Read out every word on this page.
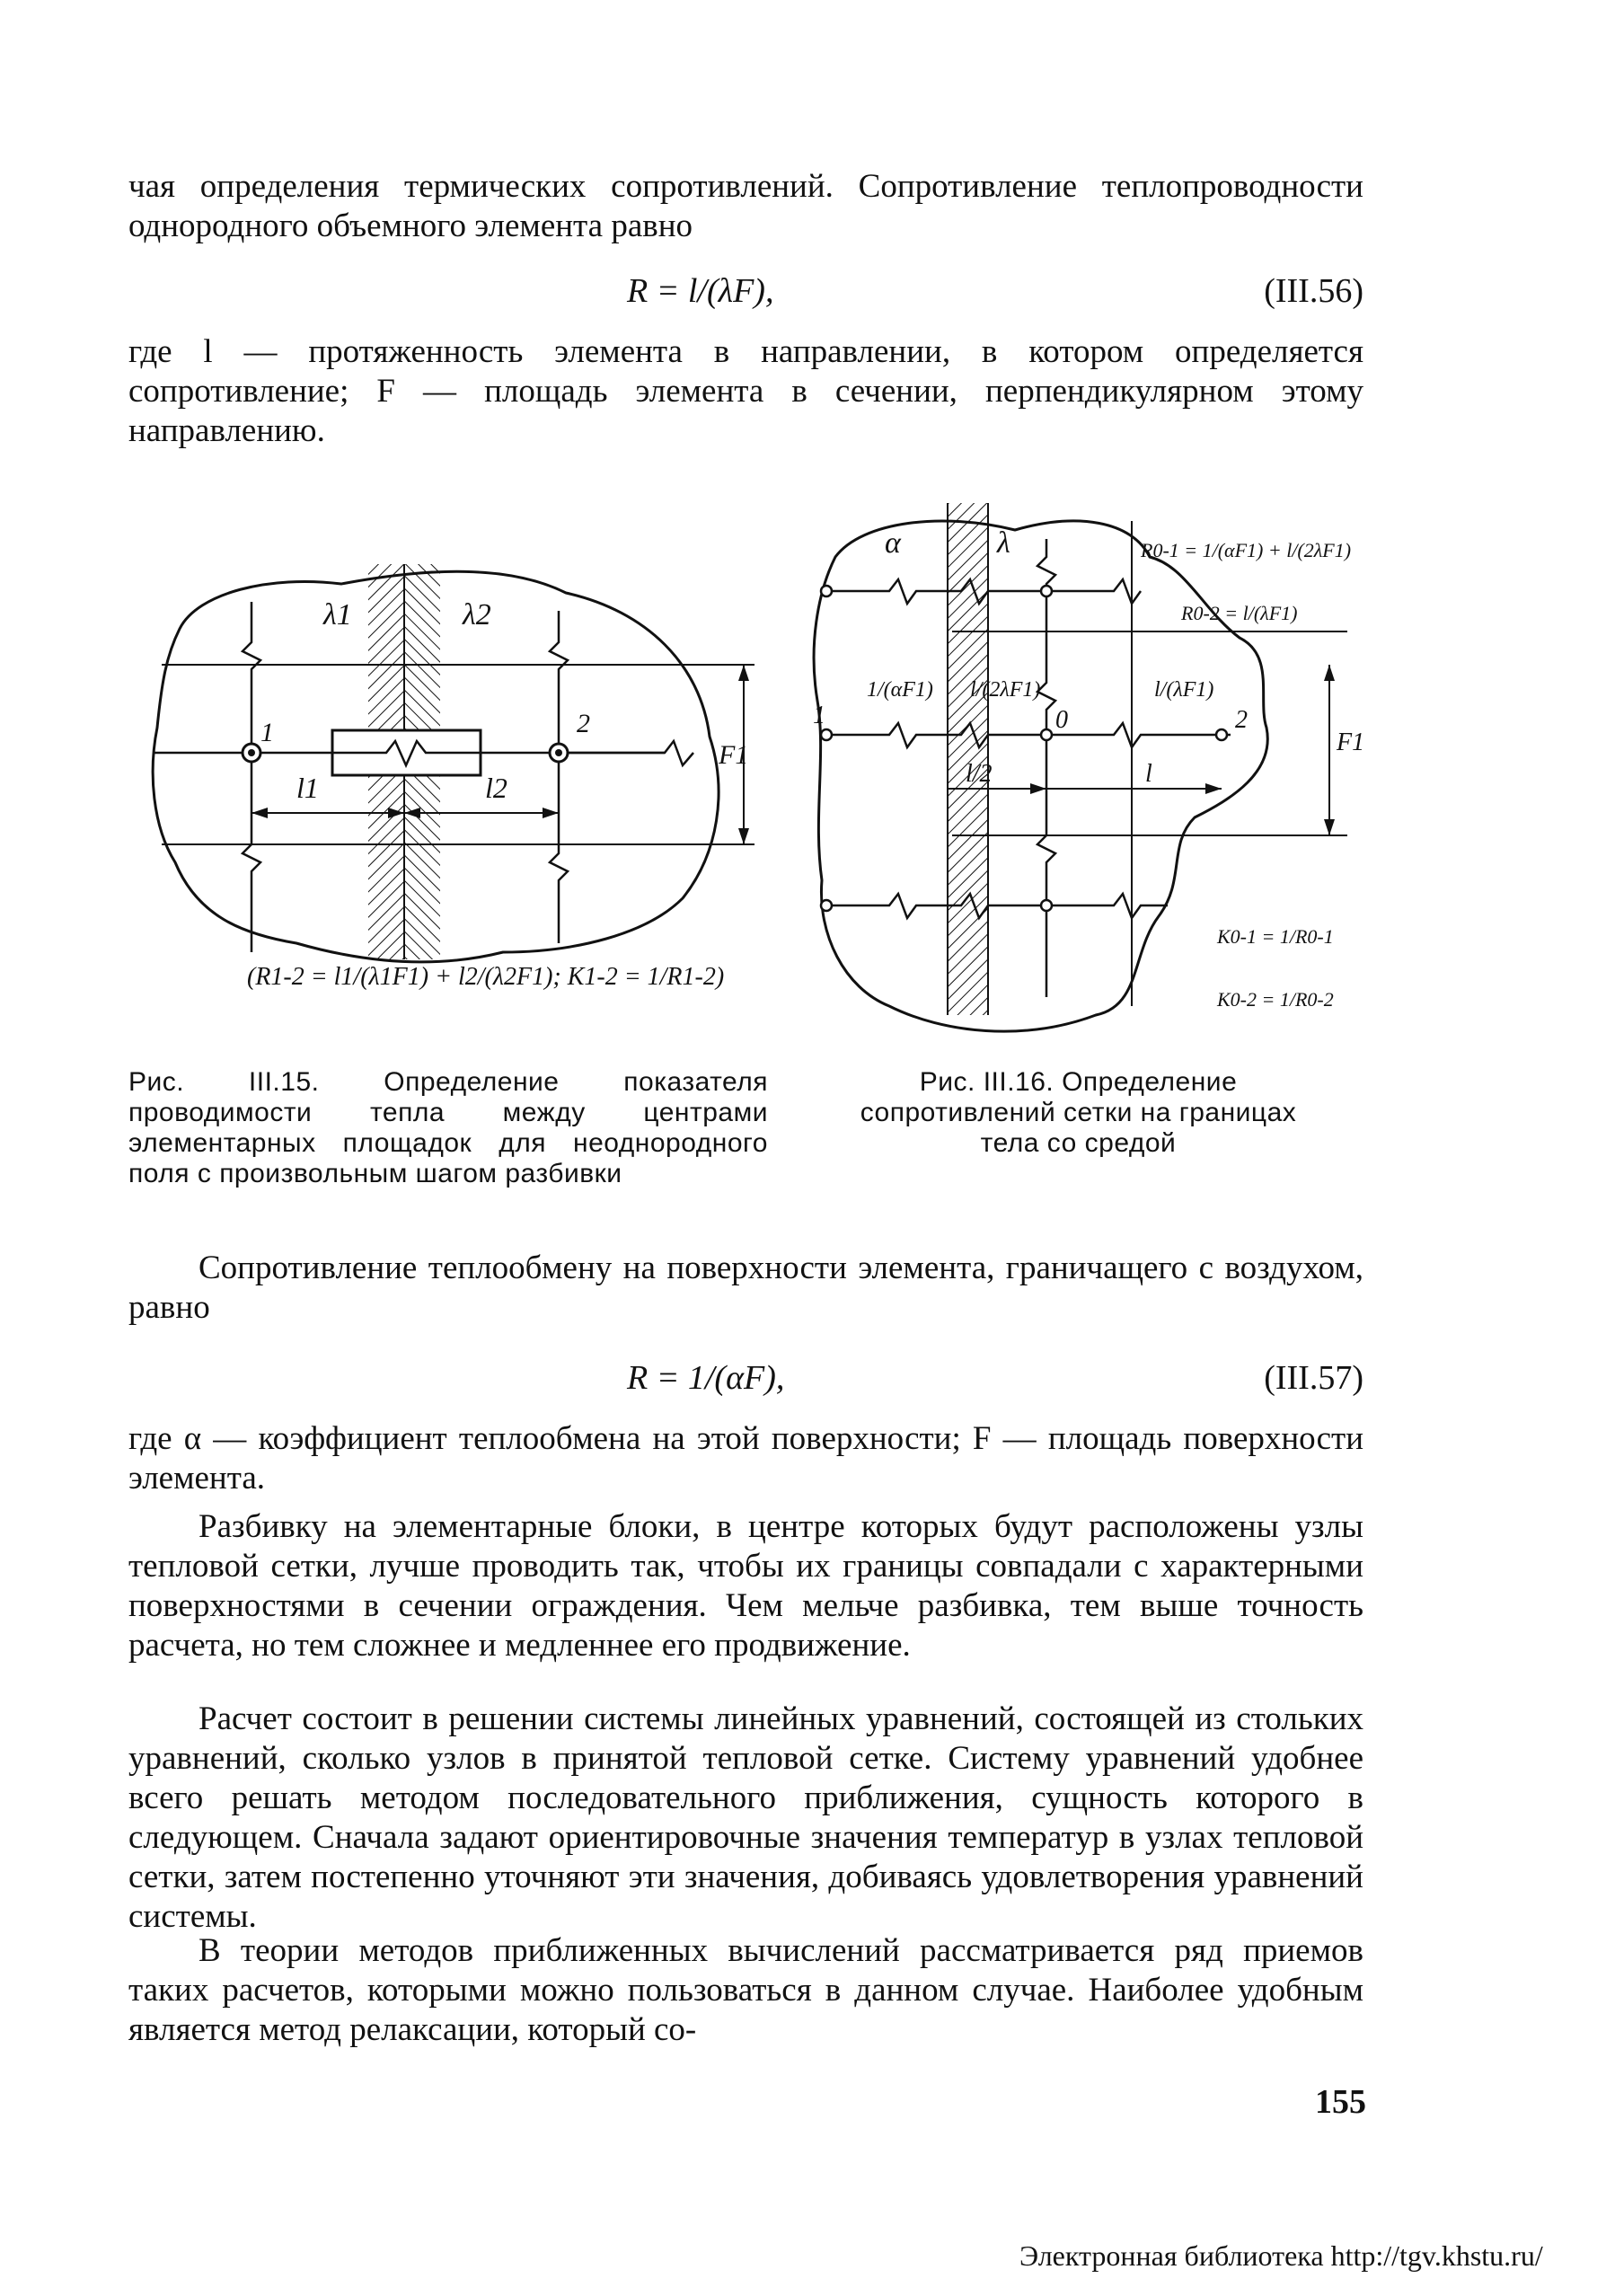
чая определения термических сопротивлений. Сопротивление теплопроводности однородного объемного элемента равно

R = l/(λF),	(III.56)

где l — протяженность элемента в направлении, в котором определяется сопротивление; F — площадь элемента в сечении, перпендикулярном этому направлению.

λ1	λ2
1	2
l1	l2
F1
(R1-2 = l1/(λ1F1) + l2/(λ2F1); K1-2 = 1/R1-2)
α	λ
1	0	2
1/(αF1) l/(2λF1)	l/(λF1)
l/2	l
F1
R0-1 = 1/(αF1) + l/(2λF1)
R0-2 = l/(λF1)
K0-1 = 1/R0-1
K0-2 = 1/R0-2

Рис. III.15. Определение показателя проводимости тепла между центрами элементарных площадок для неоднородного поля с произвольным шагом разбивки

Рис. III.16. Определение сопротивлений сетки на границах тела со средой

Сопротивление теплообмену на поверхности элемента, граничащего с воздухом, равно

R = 1/(αF),	(III.57)

где α — коэффициент теплообмена на этой поверхности; F — площадь поверхности элемента.

Разбивку на элементарные блоки, в центре которых будут расположены узлы тепловой сетки, лучше проводить так, чтобы их границы совпадали с характерными поверхностями в сечении ограждения. Чем мельче разбивка, тем выше точность расчета, но тем сложнее и медленнее его продвижение.

Расчет состоит в решении системы линейных уравнений, состоящей из стольких уравнений, сколько узлов в принятой тепловой сетке. Систему уравнений удобнее всего решать методом последовательного приближения, сущность которого в следующем. Сначала задают ориентировочные значения температур в узлах тепловой сетки, затем постепенно уточняют эти значения, добиваясь удовлетворения уравнений системы.

В теории методов приближенных вычислений рассматривается ряд приемов таких расчетов, которыми можно пользоваться в данном случае. Наиболее удобным является метод релаксации, который со-

155
Электронная библиотека http://tgv.khstu.ru/
